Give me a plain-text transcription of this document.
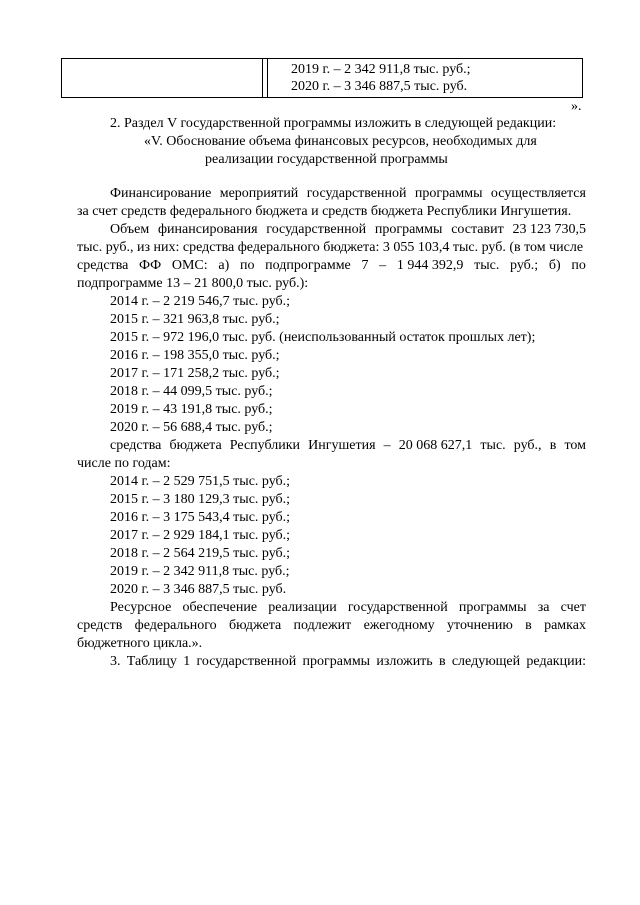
2019 г. – 2 342 911,8 тыс. руб.;
2020 г. – 3 346 887,5 тыс. руб.
».
2. Раздел V государственной программы изложить в следующей редакции:
«V. Обоснование объема финансовых ресурсов, необходимых для
реализации государственной программы
Финансирование мероприятий государственной программы осуществляется
за счет средств федерального бюджета и средств бюджета Республики Ингушетия.
Объем финансирования государственной программы составит 23 123 730,5
тыс. руб., из них: средства федерального бюджета: 3 055 103,4 тыс. руб. (в том числе
средства ФФ ОМС: а) по подпрограмме 7 – 1 944 392,9 тыс. руб.; б) по
подпрограмме 13 – 21 800,0 тыс. руб.):
2014 г. – 2 219 546,7 тыс. руб.;
2015 г. – 321 963,8 тыс. руб.;
2015 г. – 972 196,0 тыс. руб. (неиспользованный остаток прошлых лет);
2016 г. – 198 355,0 тыс. руб.;
2017 г. – 171 258,2 тыс. руб.;
2018 г. – 44 099,5 тыс. руб.;
2019 г. – 43 191,8 тыс. руб.;
2020 г. – 56 688,4 тыс. руб.;
средства бюджета Республики Ингушетия – 20 068 627,1 тыс. руб., в том
числе по годам:
2014 г. – 2 529 751,5 тыс. руб.;
2015 г. – 3 180 129,3 тыс. руб.;
2016 г. – 3 175 543,4 тыс. руб.;
2017 г. – 2 929 184,1 тыс. руб.;
2018 г. – 2 564 219,5 тыс. руб.;
2019 г. – 2 342 911,8 тыс. руб.;
2020 г. – 3 346 887,5 тыс. руб.
Ресурсное обеспечение реализации государственной программы за счет
средств федерального бюджета подлежит ежегодному уточнению в рамках
бюджетного цикла.».
3. Таблицу 1 государственной программы изложить в следующей редакции:
